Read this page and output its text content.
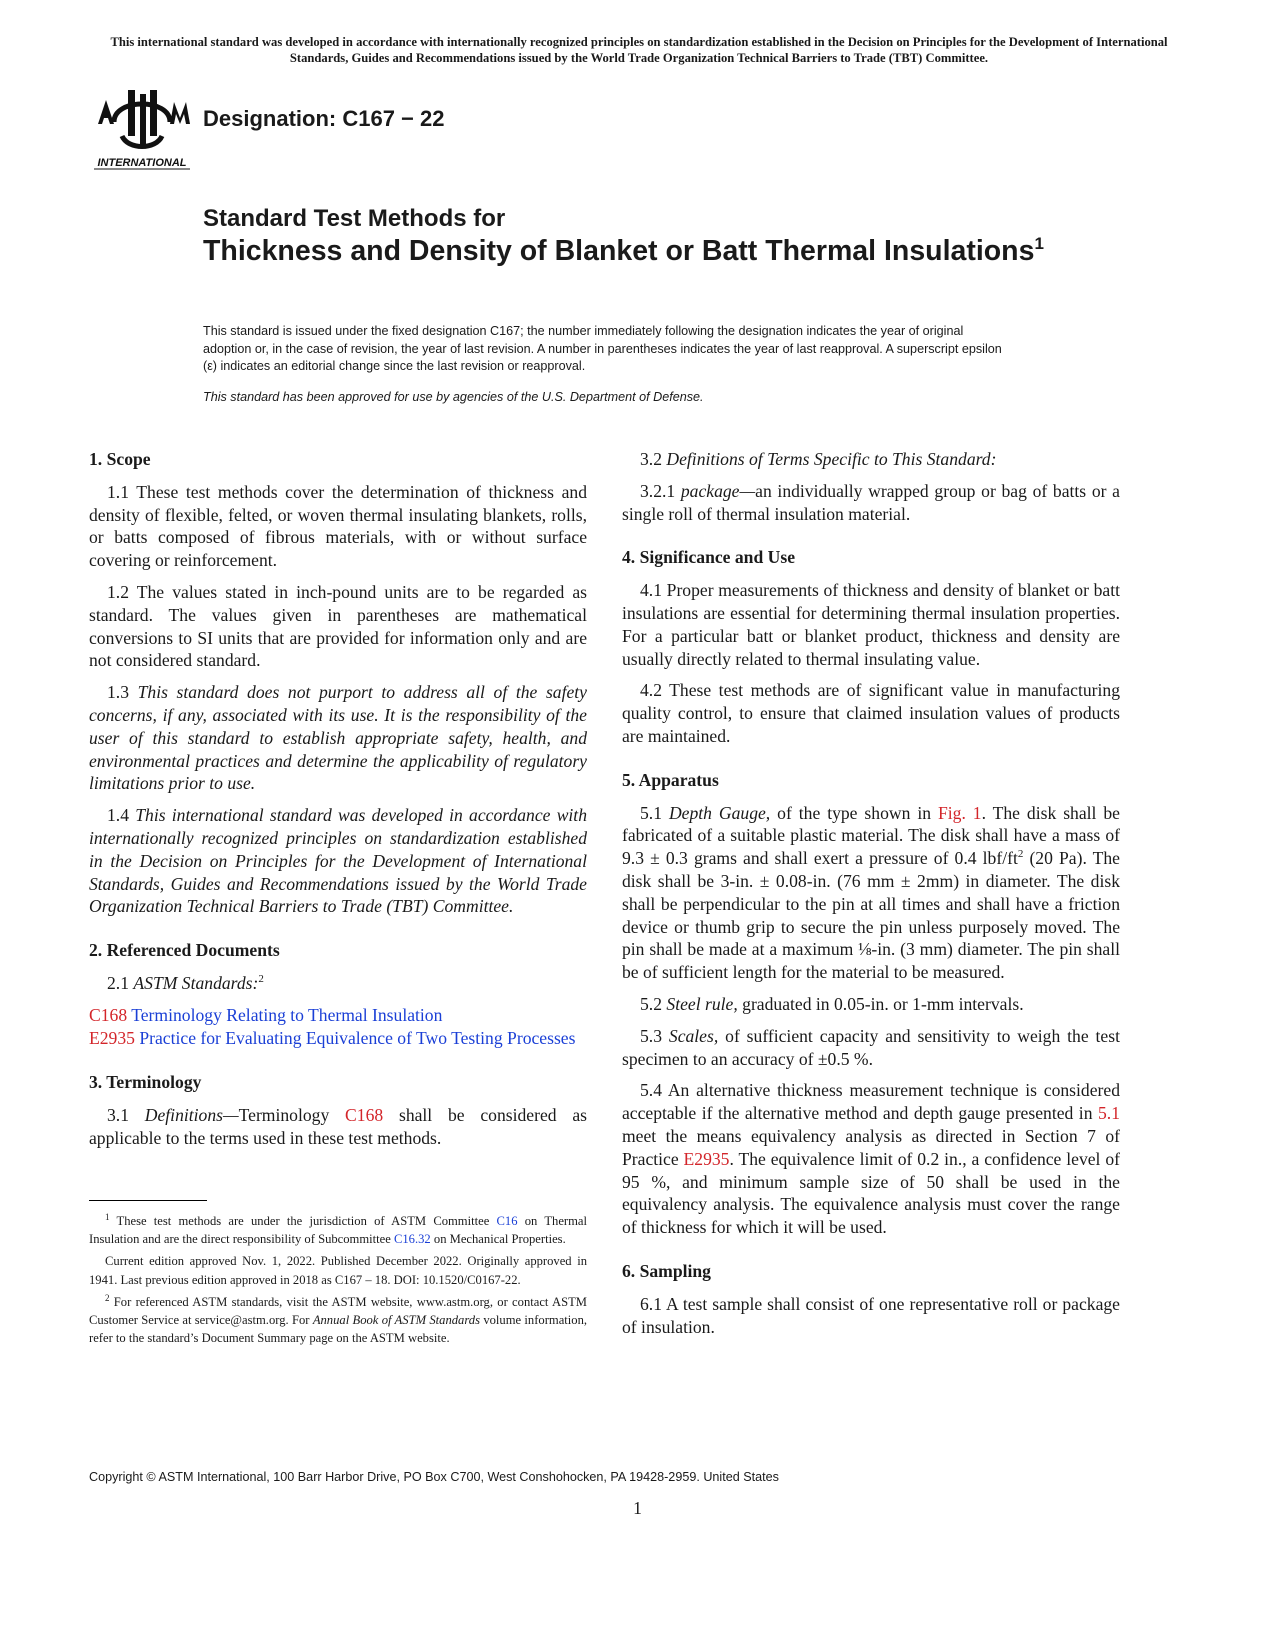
This international standard was developed in accordance with internationally recognized principles on standardization established in the Decision on Principles for the Development of International Standards, Guides and Recommendations issued by the World Trade Organization Technical Barriers to Trade (TBT) Committee.
INTERNATIONAL
Designation: C167 − 22
Standard Test Methods for
Thickness and Density of Blanket or Batt Thermal Insulations$^1$
This standard is issued under the fixed designation C167; the number immediately following the designation indicates the year of original adoption or, in the case of revision, the year of last revision. A number in parentheses indicates the year of last reapproval. A superscript epsilon (ε) indicates an editorial change since the last revision or reapproval.
This standard has been approved for use by agencies of the U.S. Department of Defense.
1. Scope
1.1 These test methods cover the determination of thickness and density of flexible, felted, or woven thermal insulating blankets, rolls, or batts composed of fibrous materials, with or without surface covering or reinforcement.
1.2 The values stated in inch-pound units are to be regarded as standard. The values given in parentheses are mathematical conversions to SI units that are provided for information only and are not considered standard.
1.3 This standard does not purport to address all of the safety concerns, if any, associated with its use. It is the responsibility of the user of this standard to establish appropriate safety, health, and environmental practices and determine the applicability of regulatory limitations prior to use.
1.4 This international standard was developed in accordance with internationally recognized principles on standardization established in the Decision on Principles for the Development of International Standards, Guides and Recommendations issued by the World Trade Organization Technical Barriers to Trade (TBT) Committee.
2. Referenced Documents
2.1 ASTM Standards:$^2$
C168 Terminology Relating to Thermal Insulation
E2935 Practice for Evaluating Equivalence of Two Testing Processes
3. Terminology
3.1 Definitions—Terminology C168 shall be considered as applicable to the terms used in these test methods.
3.2 Definitions of Terms Specific to This Standard:
3.2.1 package—an individually wrapped group or bag of batts or a single roll of thermal insulation material.
4. Significance and Use
4.1 Proper measurements of thickness and density of blanket or batt insulations are essential for determining thermal insulation properties. For a particular batt or blanket product, thickness and density are usually directly related to thermal insulating value.
4.2 These test methods are of significant value in manufacturing quality control, to ensure that claimed insulation values of products are maintained.
5. Apparatus
5.1 Depth Gauge, of the type shown in Fig. 1. The disk shall be fabricated of a suitable plastic material. The disk shall have a mass of 9.3 ± 0.3 grams and shall exert a pressure of 0.4 lbf/$ft^2$ (20 Pa). The disk shall be 3-in. ± 0.08-in. (76 mm ± 2mm) in diameter. The disk shall be perpendicular to the pin at all times and shall have a friction device or thumb grip to secure the pin unless purposely moved. The pin shall be made at a maximum ⅛-in. (3 mm) diameter. The pin shall be of sufficient length for the material to be measured.
5.2 Steel rule, graduated in 0.05-in. or 1-mm intervals.
5.3 Scales, of sufficient capacity and sensitivity to weigh the test specimen to an accuracy of ±0.5 %.
5.4 An alternative thickness measurement technique is considered acceptable if the alternative method and depth gauge presented in 5.1 meet the means equivalency analysis as directed in Section 7 of Practice E2935. The equivalence limit of 0.2 in., a confidence level of 95 %, and minimum sample size of 50 shall be used in the equivalency analysis. The equivalence analysis must cover the range of thickness for which it will be used.
6. Sampling
6.1 A test sample shall consist of one representative roll or package of insulation.
$^1$ These test methods are under the jurisdiction of ASTM Committee C16 on Thermal Insulation and are the direct responsibility of Subcommittee C16.32 on Mechanical Properties.
Current edition approved Nov. 1, 2022. Published December 2022. Originally approved in 1941. Last previous edition approved in 2018 as C167 – 18. DOI: 10.1520/C0167-22.
$^2$ For referenced ASTM standards, visit the ASTM website, www.astm.org, or contact ASTM Customer Service at service@astm.org. For Annual Book of ASTM Standards volume information, refer to the standard’s Document Summary page on the ASTM website.
Copyright © ASTM International, 100 Barr Harbor Drive, PO Box C700, West Conshohocken, PA 19428-2959. United States
1
